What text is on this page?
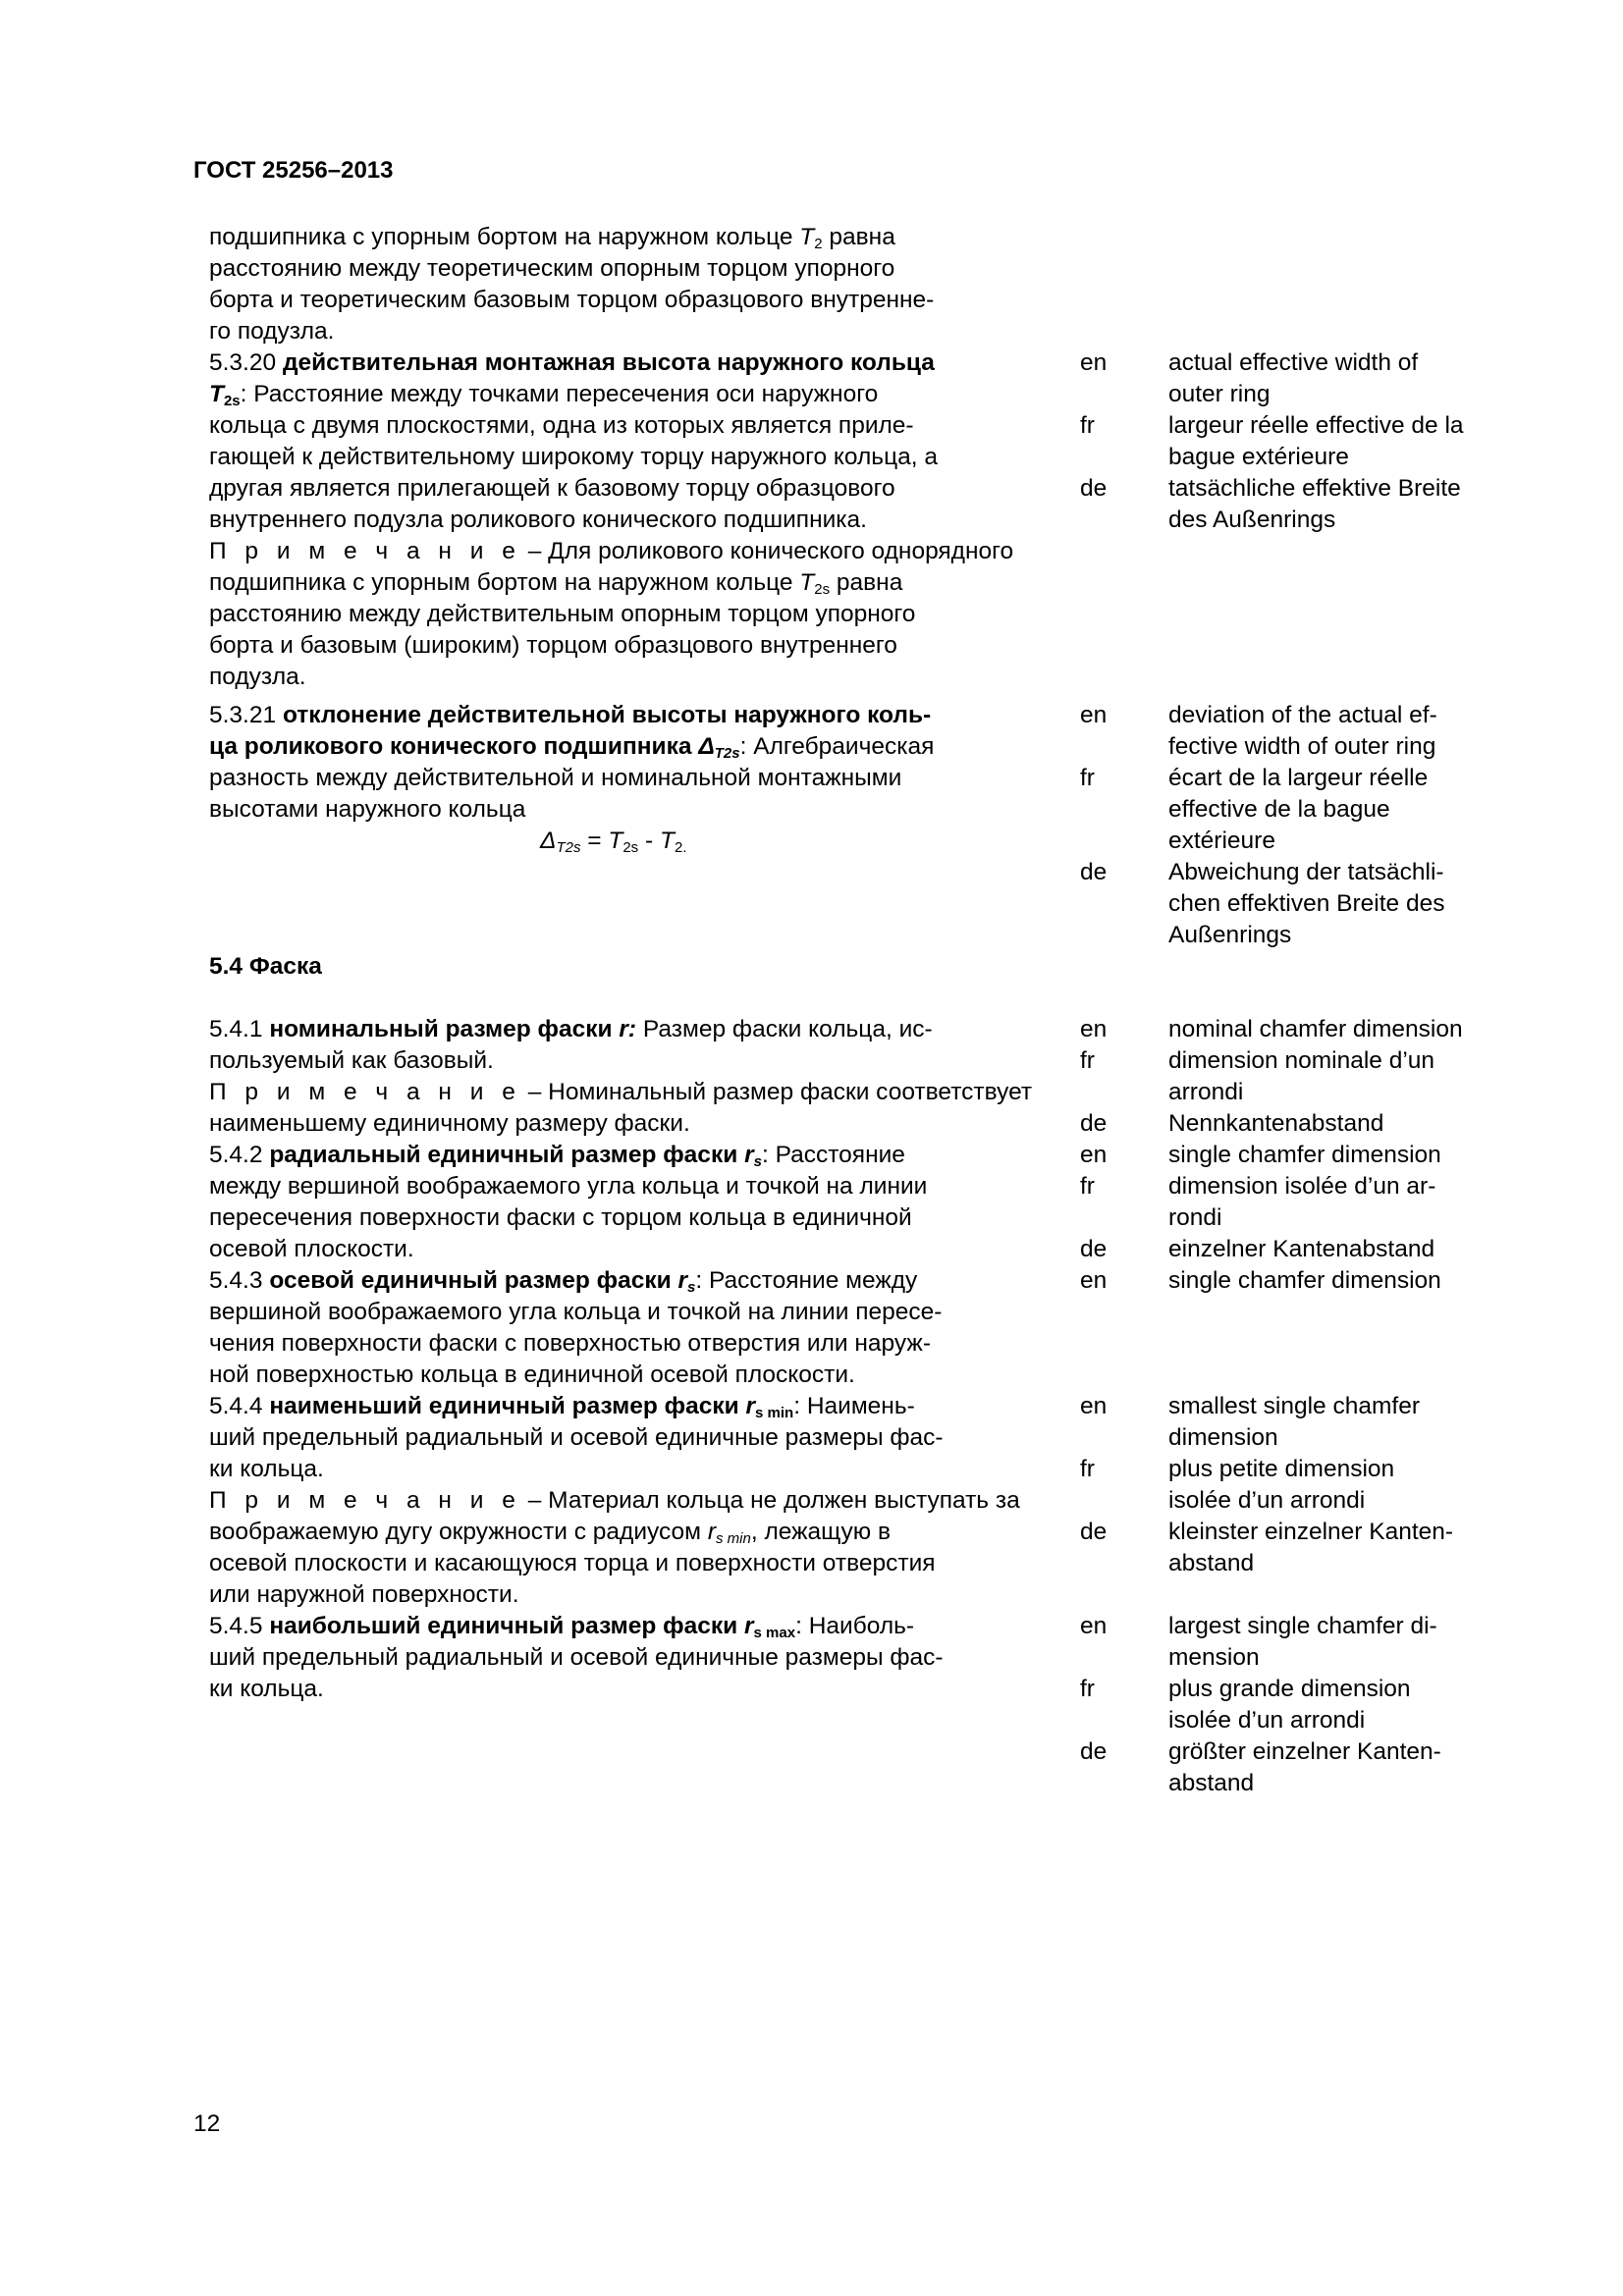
ГОСТ 25256–2013

подшипника с упорным бортом на наружном кольце $T_2$ равна

расстоянию между теоретическим опорным торцом упорного

борта и теоретическим базовым торцом образцового внутренне-

го подузла.

5.3.20 действительная монтажная высота наружного кольца

$T_{2s}$: Расстояние между точками пересечения оси наружного

кольца с двумя плоскостями, одна из которых является приле-

гающей к действительному широкому торцу наружного кольца, а

другая является прилегающей к базовому торцу образцового

внутреннего подузла роликового конического подшипника.

П р и м е ч а н и е – Для роликового конического однорядного

подшипника с упорным бортом на наружном кольце $T_{2s}$ равна

расстоянию между действительным опорным торцом упорного

борта и базовым (широким) торцом образцового внутреннего

подузла.

en	actual effective width of
outer ring
fr	largeur réelle effective de la
bague extérieure
de	tatsächliche effektive Breite
des Außenrings

5.3.21 отклонение действительной высоты наружного коль-

ца роликового конического подшипника $\Delta_{T2s}$: Алгебраическая

разность между действительной и номинальной монтажными

высотами наружного кольца

$\Delta_{T2s} = T_{2s} - T_{2.}$
en	deviation of the actual ef-
fective width of outer ring
fr	écart de la largeur réelle
effective de la bague
extérieure
de	Abweichung der tatsächli-
chen effektiven Breite des
Außenrings
5.4 Фаска

5.4.1 номинальный размер фаски r: Размер фаски кольца, ис-

пользуемый как базовый.

П р и м е ч а н и е – Номинальный размер фаски соответствует

наименьшему единичному размеру фаски.

en	nominal chamfer dimension
fr	dimension nominale d’un
arrondi
de	Nennkantenabstand

5.4.2 радиальный единичный размер фаски $r_s$: Расстояние

между вершиной воображаемого угла кольца и точкой на линии

пересечения поверхности фаски с торцом кольца в единичной

осевой плоскости.

en	single chamfer dimension
fr	dimension isolée d’un ar-
rondi
de	einzelner Kantenabstand

5.4.3 осевой единичный размер фаски $r_s$: Расстояние между

вершиной воображаемого угла кольца и точкой на линии пересе-

чения поверхности фаски с поверхностью отверстия или наруж-

ной поверхностью кольца в единичной осевой плоскости.

en	single chamfer dimension

5.4.4 наименьший единичный размер фаски $r_{s min}$: Наимень-

ший предельный радиальный и осевой единичные размеры фас-

ки кольца.

П р и м е ч а н и е – Материал кольца не должен выступать за

воображаемую дугу окружности с радиусом $r_{s min}$, лежащую в

осевой плоскости и касающуюся торца и поверхности отверстия

или наружной поверхности.

en	smallest single chamfer
dimension
fr	plus petite dimension
isolée d’un arrondi
de	kleinster einzelner Kanten-
abstand

5.4.5 наибольший единичный размер фаски $r_{s max}$: Наиболь-

ший предельный радиальный и осевой единичные размеры фас-

ки кольца.

en	largest single chamfer di-
mension
fr	plus grande dimension
isolée d’un arrondi
de	größter einzelner Kanten-
abstand
12
